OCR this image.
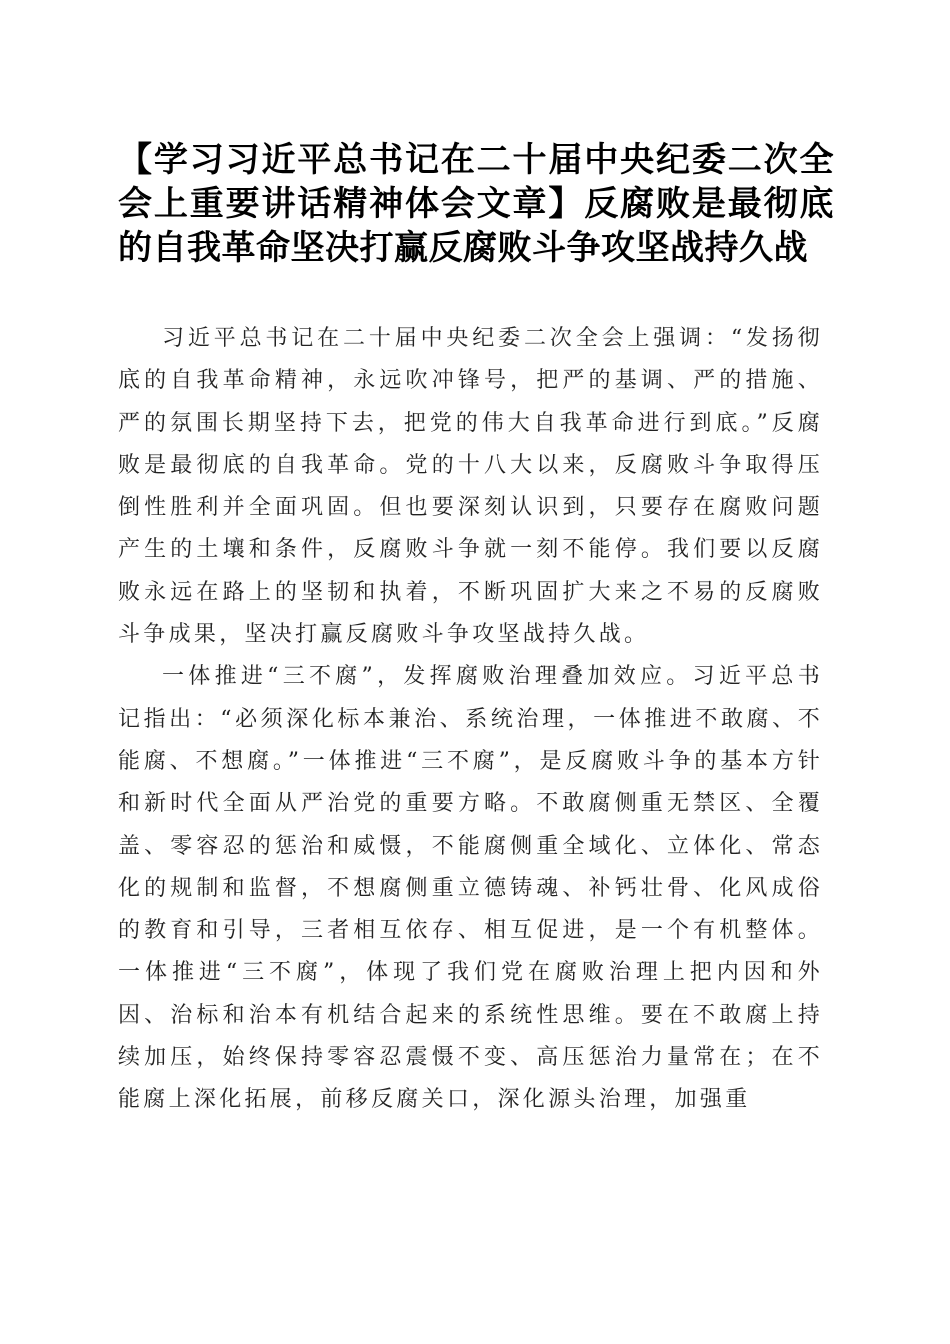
【学习习近平总书记在二十届中央纪委二次全会上重要讲话精神体会文章】反腐败是最彻底的自我革命坚决打赢反腐败斗争攻坚战持久战

习近平总书记在二十届中央纪委二次全会上强调：“发扬彻底的自我革命精神，永远吹冲锋号，把严的基调、严的措施、严的氛围长期坚持下去，把党的伟大自我革命进行到底。”反腐败是最彻底的自我革命。党的十八大以来，反腐败斗争取得压倒性胜利并全面巩固。但也要深刻认识到，只要存在腐败问题产生的土壤和条件，反腐败斗争就一刻不能停。我们要以反腐败永远在路上的坚韧和执着，不断巩固扩大来之不易的反腐败斗争成果，坚决打赢反腐败斗争攻坚战持久战。

一体推进“三不腐”，发挥腐败治理叠加效应。习近平总书记指出：“必须深化标本兼治、系统治理，一体推进不敢腐、不能腐、不想腐。”一体推进“三不腐”，是反腐败斗争的基本方针和新时代全面从严治党的重要方略。不敢腐侧重无禁区、全覆盖、零容忍的惩治和威慑，不能腐侧重全域化、立体化、常态化的规制和监督，不想腐侧重立德铸魂、补钙壮骨、化风成俗的教育和引导，三者相互依存、相互促进，是一个有机整体。一体推进“三不腐”，体现了我们党在腐败治理上把内因和外因、治标和治本有机结合起来的系统性思维。要在不敢腐上持续加压，始终保持零容忍震慑不变、高压惩治力量常在；在不能腐上深化拓展，前移反腐关口，深化源头治理，加强重
